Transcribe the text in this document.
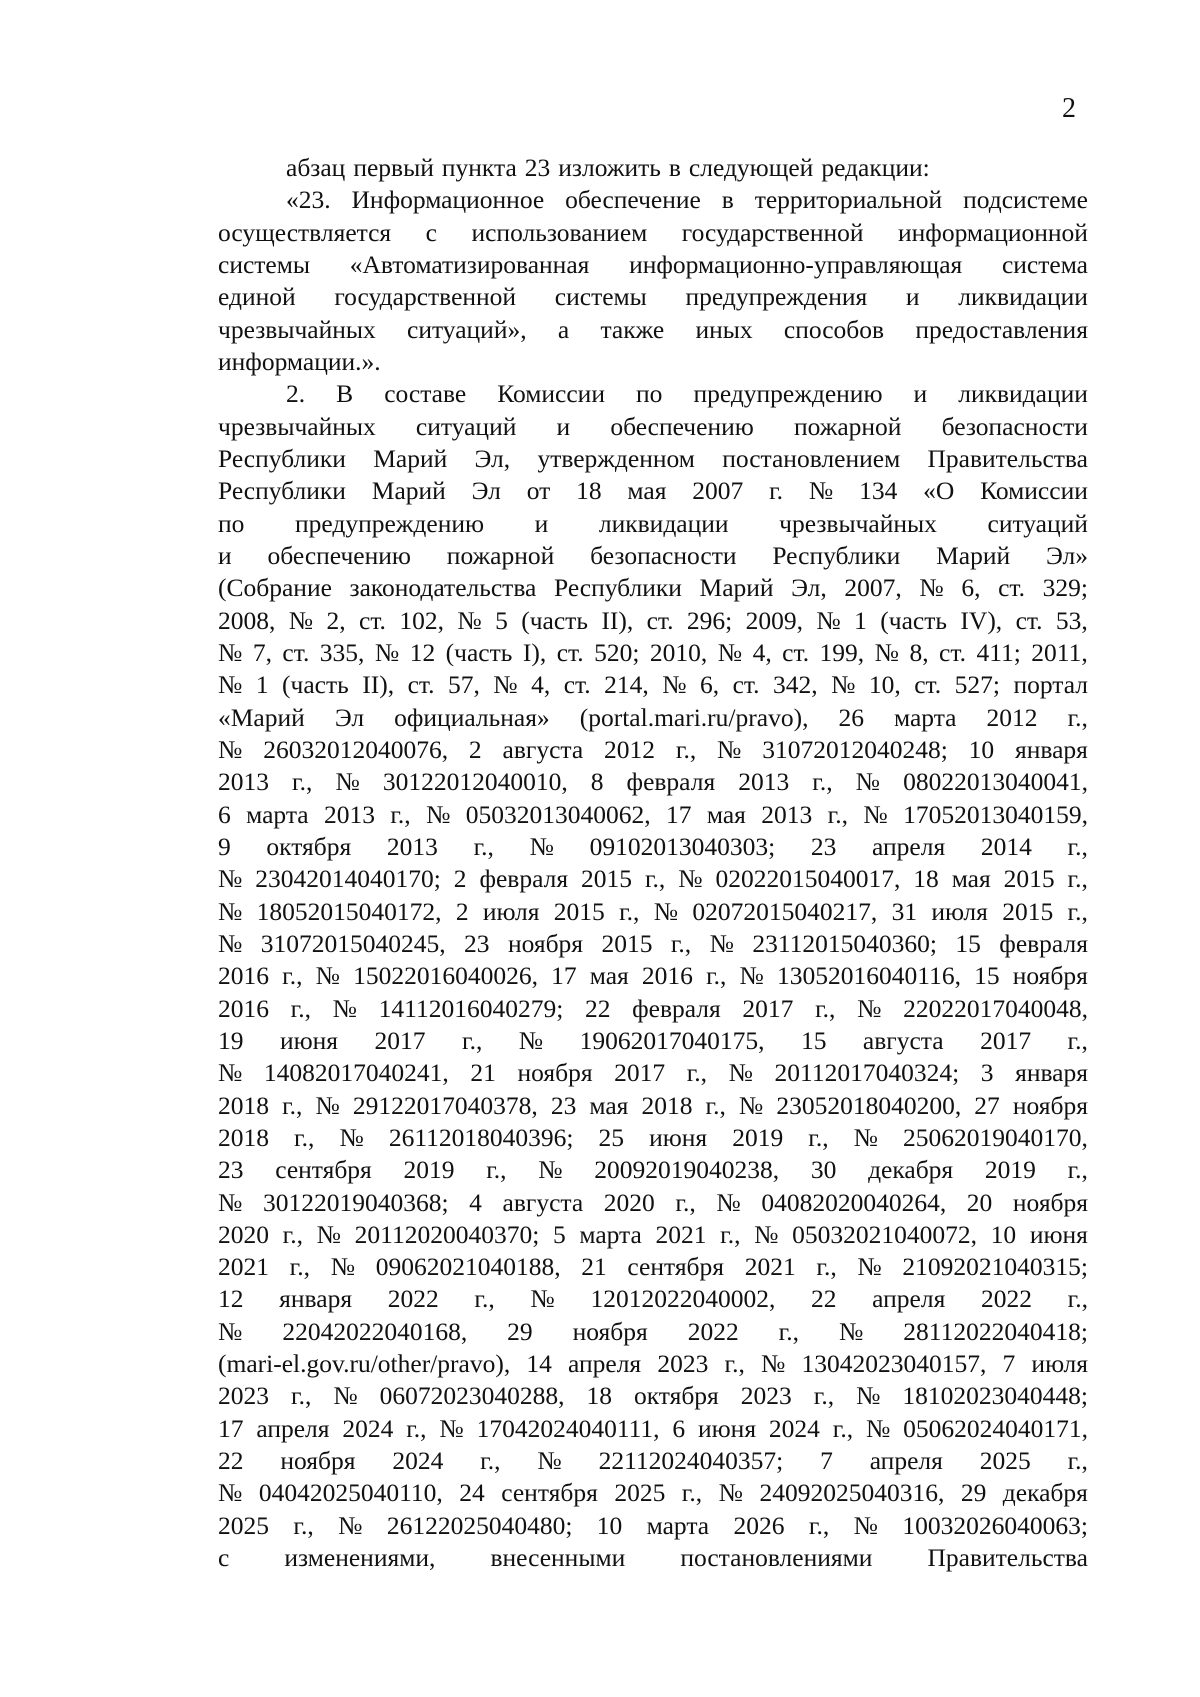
2
абзац первый пункта 23 изложить в следующей редакции:
«23. Информационное обеспечение в территориальной подсистеме
осуществляется с использованием государственной информационной
системы «Автоматизированная информационно-управляющая система
единой государственной системы предупреждения и ликвидации
чрезвычайных ситуаций», а также иных способов предоставления
информации.».
2. В составе Комиссии по предупреждению и ликвидации
чрезвычайных ситуаций и обеспечению пожарной безопасности
Республики Марий Эл, утвержденном постановлением Правительства
Республики Марий Эл от 18 мая 2007 г. № 134 «О Комиссии
по предупреждению и ликвидации чрезвычайных ситуаций
и обеспечению пожарной безопасности Республики Марий Эл»
(Собрание законодательства Республики Марий Эл, 2007, № 6, ст. 329;
2008, № 2, ст. 102, № 5 (часть II), ст. 296; 2009, № 1 (часть IV), ст. 53,
№ 7, ст. 335, № 12 (часть I), ст. 520; 2010, № 4, ст. 199, № 8, ст. 411; 2011,
№ 1 (часть II), ст. 57, № 4, ст. 214, № 6, ст. 342, № 10, ст. 527; портал
«Марий Эл официальная» (portal.mari.ru/pravo), 26 марта 2012 г.,
№ 26032012040076, 2 августа 2012 г., № 31072012040248; 10 января
2013 г., № 30122012040010, 8 февраля 2013 г., № 08022013040041,
6 марта 2013 г., № 05032013040062, 17 мая 2013 г., № 17052013040159,
9 октября 2013 г., № 09102013040303; 23 апреля 2014 г.,
№ 23042014040170; 2 февраля 2015 г., № 02022015040017, 18 мая 2015 г.,
№ 18052015040172, 2 июля 2015 г., № 02072015040217, 31 июля 2015 г.,
№ 31072015040245, 23 ноября 2015 г., № 23112015040360; 15 февраля
2016 г., № 15022016040026, 17 мая 2016 г., № 13052016040116, 15 ноября
2016 г., № 14112016040279; 22 февраля 2017 г., № 22022017040048,
19 июня 2017 г., № 19062017040175, 15 августа 2017 г.,
№ 14082017040241, 21 ноября 2017 г., № 20112017040324; 3 января
2018 г., № 29122017040378, 23 мая 2018 г., № 23052018040200, 27 ноября
2018 г., № 26112018040396; 25 июня 2019 г., № 25062019040170,
23 сентября 2019 г., № 20092019040238, 30 декабря 2019 г.,
№ 30122019040368; 4 августа 2020 г., № 04082020040264, 20 ноября
2020 г., № 20112020040370; 5 марта 2021 г., № 05032021040072, 10 июня
2021 г., № 09062021040188, 21 сентября 2021 г., № 21092021040315;
12 января 2022 г., № 12012022040002, 22 апреля 2022 г.,
№ 22042022040168, 29 ноября 2022 г., № 28112022040418;
(mari-el.gov.ru/other/pravo), 14 апреля 2023 г., № 13042023040157, 7 июля
2023 г., № 06072023040288, 18 октября 2023 г., № 18102023040448;
17 апреля 2024 г., № 17042024040111, 6 июня 2024 г., № 05062024040171,
22 ноября 2024 г., № 22112024040357; 7 апреля 2025 г.,
№ 04042025040110, 24 сентября 2025 г., № 24092025040316, 29 декабря
2025 г., № 26122025040480; 10 марта 2026 г., № 10032026040063;
с изменениями, внесенными постановлениями Правительства
